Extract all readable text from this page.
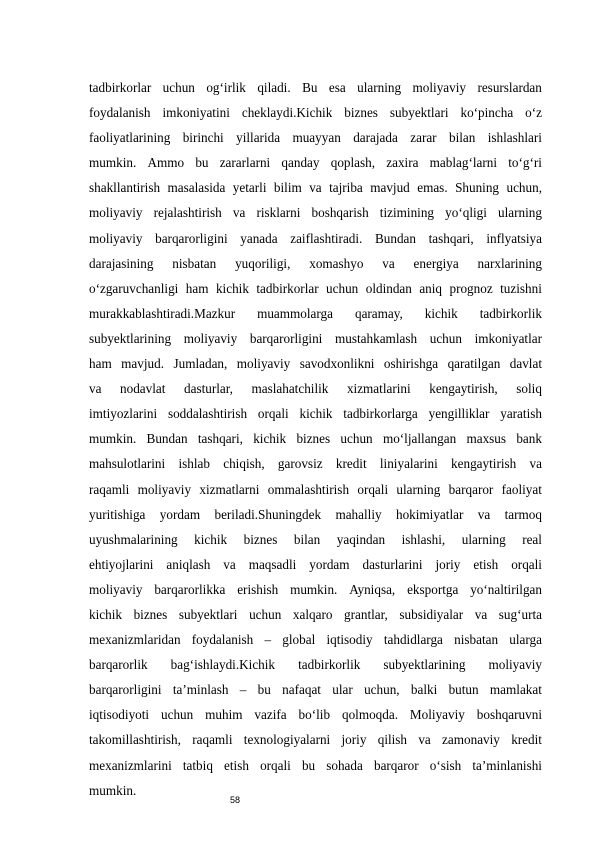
tadbirkorlar uchun og‘irlik qiladi. Bu esa ularning moliyaviy resurslardan
foydalanish imkoniyatini cheklaydi.Kichik biznes subyektlari ko‘pincha o‘z
faoliyatlarining birinchi yillarida muayyan darajada zarar bilan ishlashlari
mumkin. Ammo bu zararlarni qanday qoplash, zaxira mablag‘larni to‘g‘ri
shakllantirish masalasida yetarli bilim va tajriba mavjud emas. Shuning uchun,
moliyaviy rejalashtirish va risklarni boshqarish tizimining yo‘qligi ularning
moliyaviy barqarorligini yanada zaiflashtiradi. Bundan tashqari, inflyatsiya
darajasining nisbatan yuqoriligi, xomashyo va energiya narxlarining
o‘zgaruvchanligi ham kichik tadbirkorlar uchun oldindan aniq prognoz tuzishni
murakkablashtiradi.Mazkur muammolarga qaramay, kichik tadbirkorlik
subyektlarining moliyaviy barqarorligini mustahkamlash uchun imkoniyatlar
ham mavjud. Jumladan, moliyaviy savodxonlikni oshirishga qaratilgan davlat
va nodavlat dasturlar, maslahatchilik xizmatlarini kengaytirish, soliq
imtiyozlarini soddalashtirish orqali kichik tadbirkorlarga yengilliklar yaratish
mumkin. Bundan tashqari, kichik biznes uchun mo‘ljallangan maxsus bank
mahsulotlarini ishlab chiqish, garovsiz kredit liniyalarini kengaytirish va
raqamli moliyaviy xizmatlarni ommalashtirish orqali ularning barqaror faoliyat
yuritishiga yordam beriladi.Shuningdek mahalliy hokimiyatlar va tarmoq
uyushmalarining kichik biznes bilan yaqindan ishlashi, ularning real
ehtiyojlarini aniqlash va maqsadli yordam dasturlarini joriy etish orqali
moliyaviy barqarorlikka erishish mumkin. Ayniqsa, eksportga yo‘naltirilgan
kichik biznes subyektlari uchun xalqaro grantlar, subsidiyalar va sug‘urta
mexanizmlaridan foydalanish – global iqtisodiy tahdidlarga nisbatan ularga
barqarorlik bag‘ishlaydi.Kichik tadbirkorlik subyektlarining moliyaviy
barqarorligini ta’minlash – bu nafaqat ular uchun, balki butun mamlakat
iqtisodiyoti uchun muhim vazifa bo‘lib qolmoqda. Moliyaviy boshqaruvni
takomillashtirish, raqamli texnologiyalarni joriy qilish va zamonaviy kredit
mexanizmlarini tatbiq etish orqali bu sohada barqaror o‘sish ta’minlanishi
mumkin.
58
